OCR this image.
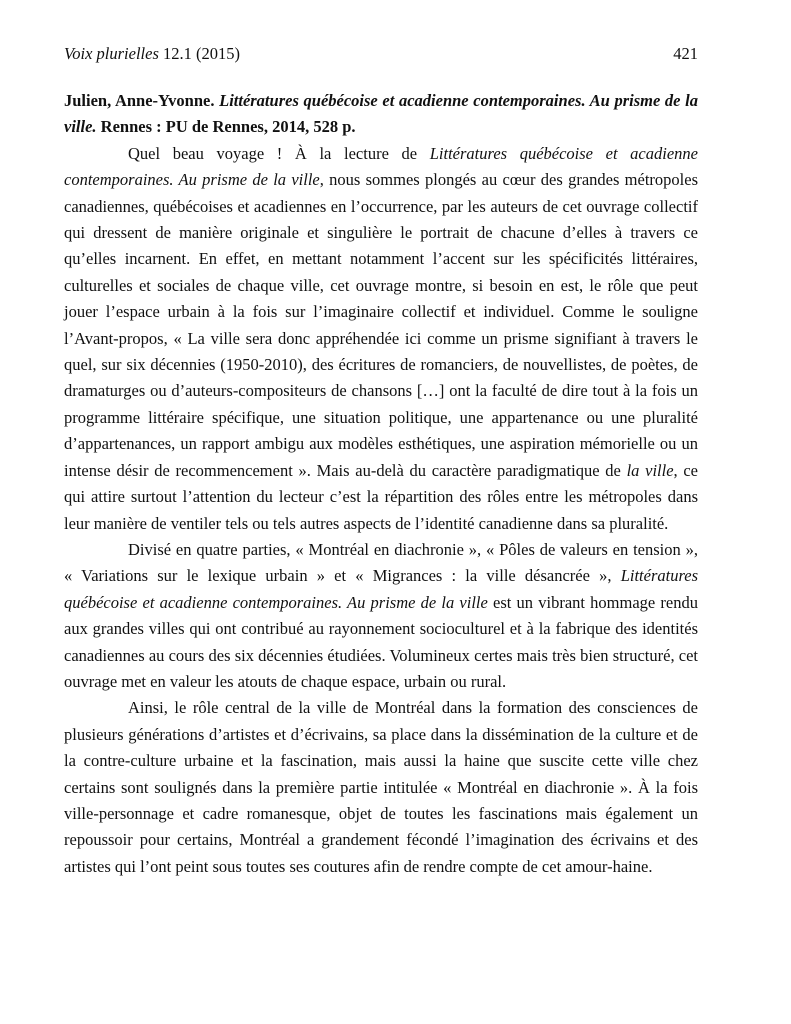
Voix plurielles 12.1 (2015)	421

Julien, Anne-Yvonne. Littératures québécoise et acadienne contemporaines. Au prisme de la ville. Rennes : PU de Rennes, 2014, 528 p.

Quel beau voyage ! À la lecture de Littératures québécoise et acadienne contemporaines. Au prisme de la ville, nous sommes plongés au cœur des grandes métropoles canadiennes, québécoises et acadiennes en l’occurrence, par les auteurs de cet ouvrage collectif qui dressent de manière originale et singulière le portrait de chacune d’elles à travers ce qu’elles incarnent. En effet, en mettant notamment l’accent sur les spécificités littéraires, culturelles et sociales de chaque ville, cet ouvrage montre, si besoin en est, le rôle que peut jouer l’espace urbain à la fois sur l’imaginaire collectif et individuel. Comme le souligne l’Avant-propos, « La ville sera donc appréhendée ici comme un prisme signifiant à travers le quel, sur six décennies (1950-2010), des écritures de romanciers, de nouvellistes, de poètes, de dramaturges ou d’auteurs-compositeurs de chansons […] ont la faculté de dire tout à la fois un programme littéraire spécifique, une situation politique, une appartenance ou une pluralité d’appartenances, un rapport ambigu aux modèles esthétiques, une aspiration mémorielle ou un intense désir de recommencement ». Mais au-delà du caractère paradigmatique de la ville, ce qui attire surtout l’attention du lecteur c’est la répartition des rôles entre les métropoles dans leur manière de ventiler tels ou tels autres aspects de l’identité canadienne dans sa pluralité.

Divisé en quatre parties, « Montréal en diachronie », « Pôles de valeurs en tension », « Variations sur le lexique urbain » et « Migrances : la ville désancrée », Littératures québécoise et acadienne contemporaines. Au prisme de la ville est un vibrant hommage rendu aux grandes villes qui ont contribué au rayonnement socioculturel et à la fabrique des identités canadiennes au cours des six décennies étudiées. Volumineux certes mais très bien structuré, cet ouvrage met en valeur les atouts de chaque espace, urbain ou rural.

Ainsi, le rôle central de la ville de Montréal dans la formation des consciences de plusieurs générations d’artistes et d’écrivains, sa place dans la dissémination de la culture et de la contre-culture urbaine et la fascination, mais aussi la haine que suscite cette ville chez certains sont soulignés dans la première partie intitulée « Montréal en diachronie ». À la fois ville-personnage et cadre romanesque, objet de toutes les fascinations mais également un repoussoir pour certains, Montréal a grandement fécondé l’imagination des écrivains et des artistes qui l’ont peint sous toutes ses coutures afin de rendre compte de cet amour-haine.
